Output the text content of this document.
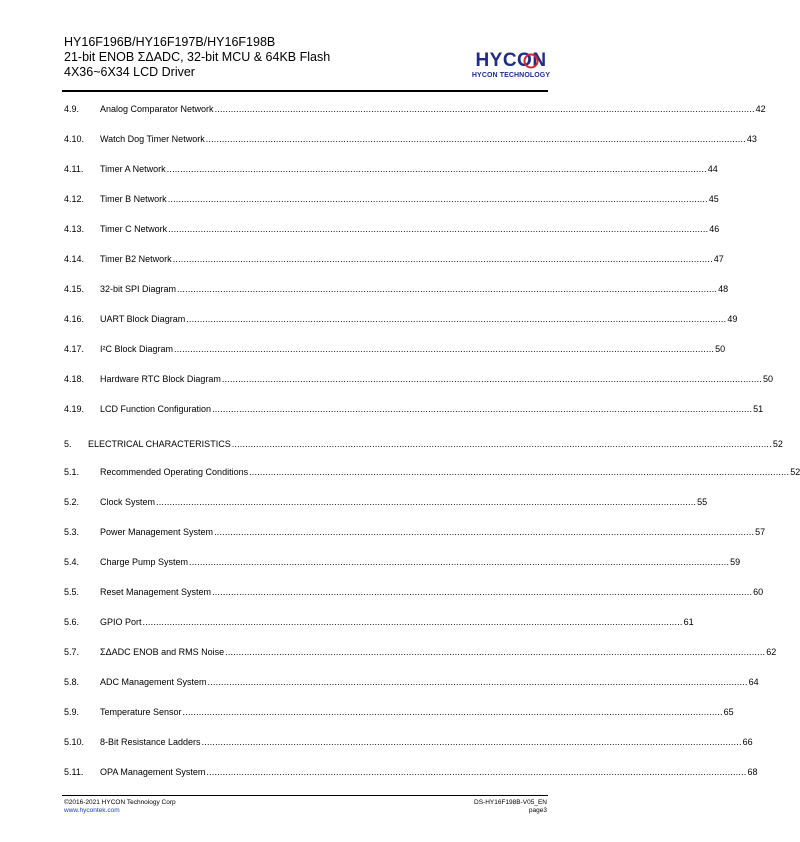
HY16F196B/HY16F197B/HY16F198B
21-bit ENOB ΣΔADC, 32-bit MCU & 64KB Flash
4X36~6X34 LCD Driver
HYCON
HYCON TECHNOLOGY
4.9.	Analog Comparator Network ........................................................................................................................................................................................................ 42
4.10.	Watch Dog Timer Network ........................................................................................................................................................................................................ 43
4.11.	Timer A Network ........................................................................................................................................................................................................ 44
4.12.	Timer B Network ........................................................................................................................................................................................................ 45
4.13.	Timer C Network ........................................................................................................................................................................................................ 46
4.14.	Timer B2 Network ........................................................................................................................................................................................................ 47
4.15.	32-bit SPI Diagram ........................................................................................................................................................................................................ 48
4.16.	UART Block Diagram ........................................................................................................................................................................................................ 49
4.17.	I²C Block Diagram ........................................................................................................................................................................................................ 50
4.18.	Hardware RTC Block Diagram ........................................................................................................................................................................................................ 50
4.19.	LCD Function Configuration ........................................................................................................................................................................................................ 51
5.	ELECTRICAL CHARACTERISTICS ........................................................................................................................................................................................................ 52
5.1.	Recommended Operating Conditions ........................................................................................................................................................................................................ 52
5.2.	Clock System ........................................................................................................................................................................................................ 55
5.3.	Power Management System ........................................................................................................................................................................................................ 57
5.4.	Charge Pump System ........................................................................................................................................................................................................ 59
5.5.	Reset Management System ........................................................................................................................................................................................................ 60
5.6.	GPIO Port ........................................................................................................................................................................................................ 61
5.7.	ΣΔADC ENOB and RMS Noise ........................................................................................................................................................................................................ 62
5.8.	ADC Management System ........................................................................................................................................................................................................ 64
5.9.	Temperature Sensor ........................................................................................................................................................................................................ 65
5.10.	8-Bit Resistance Ladders ........................................................................................................................................................................................................ 66
5.11.	OPA Management System ........................................................................................................................................................................................................ 68
©2016-2021 HYCON Technology Corp
www.hycontek.com
DS-HY16F198B-V05_EN
page3
